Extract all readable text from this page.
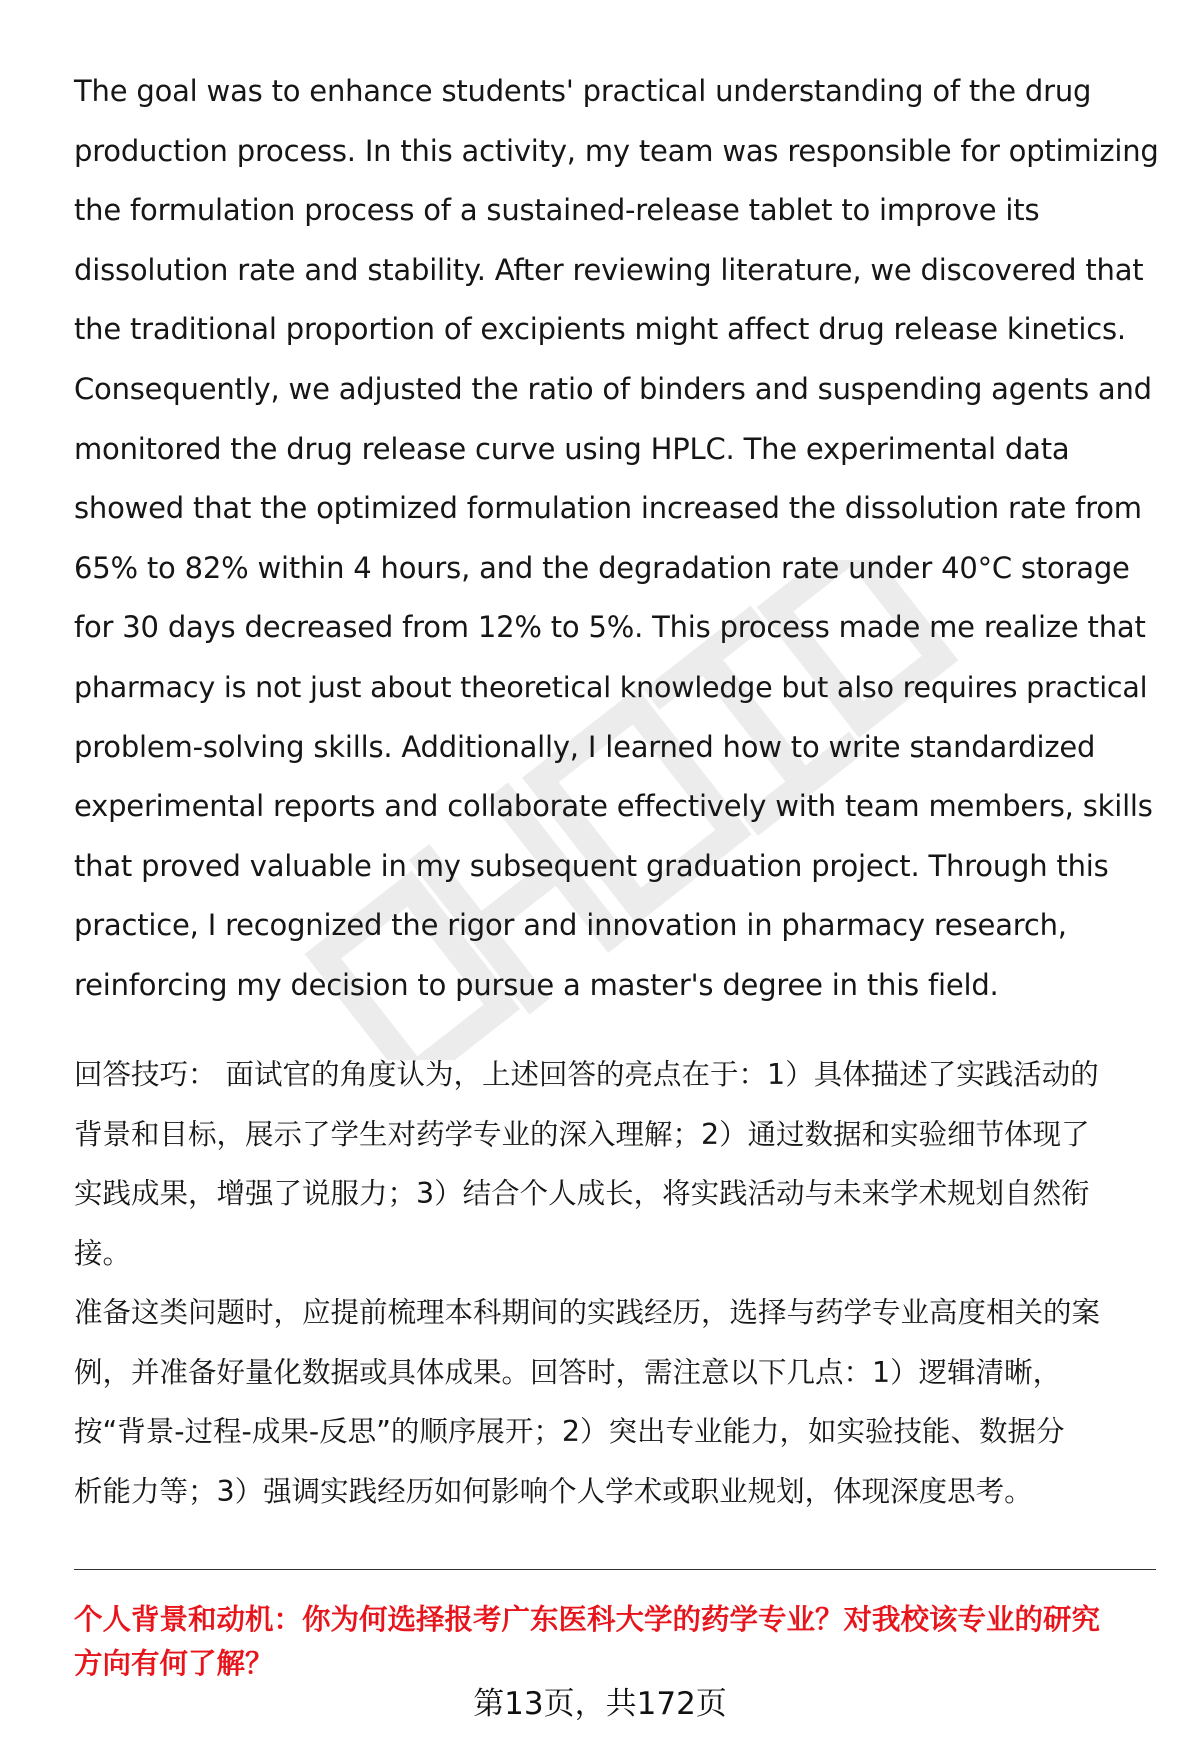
The goal was to enhance students' practical understanding of the drug
production process. In this activity, my team was responsible for optimizing
the formulation process of a sustained-release tablet to improve its
dissolution rate and stability. After reviewing literature, we discovered that
the traditional proportion of excipients might affect drug release kinetics.
Consequently, we adjusted the ratio of binders and suspending agents and
monitored the drug release curve using HPLC. The experimental data
showed that the optimized formulation increased the dissolution rate from
65% to 82% within 4 hours, and the degradation rate under 40°C storage
for 30 days decreased from 12% to 5%. This process made me realize that
pharmacy is not just about theoretical knowledge but also requires practical
problem-solving skills. Additionally, I learned how to write standardized
experimental reports and collaborate effectively with team members, skills
that proved valuable in my subsequent graduation project. Through this
practice, I recognized the rigor and innovation in pharmacy research,
reinforcing my decision to pursue a master's degree in this field.
回答技巧： 面试官的角度认为，上述回答的亮点在于：1）具体描述了实践活动的
背景和目标，展示了学生对药学专业的深入理解；2）通过数据和实验细节体现了
实践成果，增强了说服力；3）结合个人成长，将实践活动与未来学术规划自然衔
接。
准备这类问题时，应提前梳理本科期间的实践经历，选择与药学专业高度相关的案
例，并准备好量化数据或具体成果。回答时，需注意以下几点：1）逻辑清晰，
按“背景-过程-成果-反思”的顺序展开；2）突出专业能力，如实验技能、数据分
析能力等；3）强调实践经历如何影响个人学术或职业规划，体现深度思考。
个人背景和动机：你为何选择报考广东医科大学的药学专业？对我校该专业的研究
方向有何了解？
第13页，共172页
